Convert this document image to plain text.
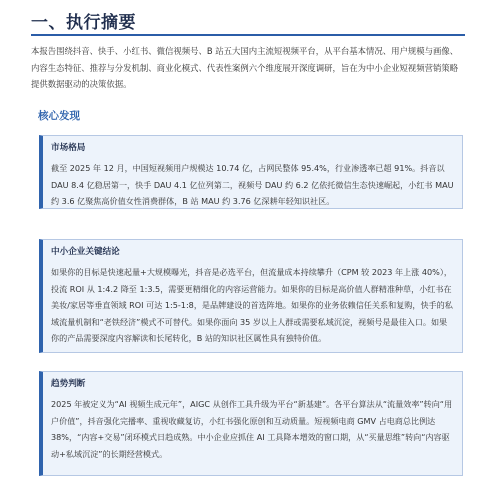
一、执行摘要

本报告围绕抖音、快手、小红书、微信视频号、B 站五大国内主流短视频平台，从平台基本情况、用户规模与画像、内容生态特征、推荐与分发机制、商业化模式、代表性案例六个维度展开深度调研，旨在为中小企业短视频营销策略提供数据驱动的决策依据。

核心发现
市场格局
截至 2025 年 12 月，中国短视频用户规模达 10.74 亿，占网民整体 95.4%，行业渗透率已超 91%。抖音以 DAU 8.4 亿稳居第一，快手 DAU 4.1 亿位列第二，视频号 DAU 约 6.2 亿依托微信生态快速崛起，小红书 MAU 约 3.6 亿聚焦高价值女性消费群体，B 站 MAU 约 3.76 亿深耕年轻知识社区。
中小企业关键结论
如果你的目标是快速起量+大规模曝光，抖音是必选平台，但流量成本持续攀升（CPM 较 2023 年上涨 40%），投流 ROI 从 1:4.2 降至 1:3.5，需要更精细化的内容运营能力。如果你的目标是高价值人群精准种草，小红书在美妆/家居等垂直领域 ROI 可达 1:5-1:8，是品牌建设的首选阵地。如果你的业务依赖信任关系和复购，快手的私域流量机制和“老铁经济”模式不可替代。如果你面向 35 岁以上人群或需要私域沉淀，视频号是最佳入口。如果你的产品需要深度内容解读和长尾转化，B 站的知识社区属性具有独特价值。
趋势判断
2025 年被定义为“AI 视频生成元年”，AIGC 从创作工具升级为平台“新基建”。各平台算法从“流量效率”转向“用户价值”，抖音强化完播率、重视收藏复访，小红书强化原创和互动质量。短视频电商 GMV 占电商总比例达 38%，“内容+交易”闭环模式日趋成熟。中小企业应抓住 AI 工具降本增效的窗口期，从“买量思维”转向“内容驱动+私域沉淀”的长期经营模式。
